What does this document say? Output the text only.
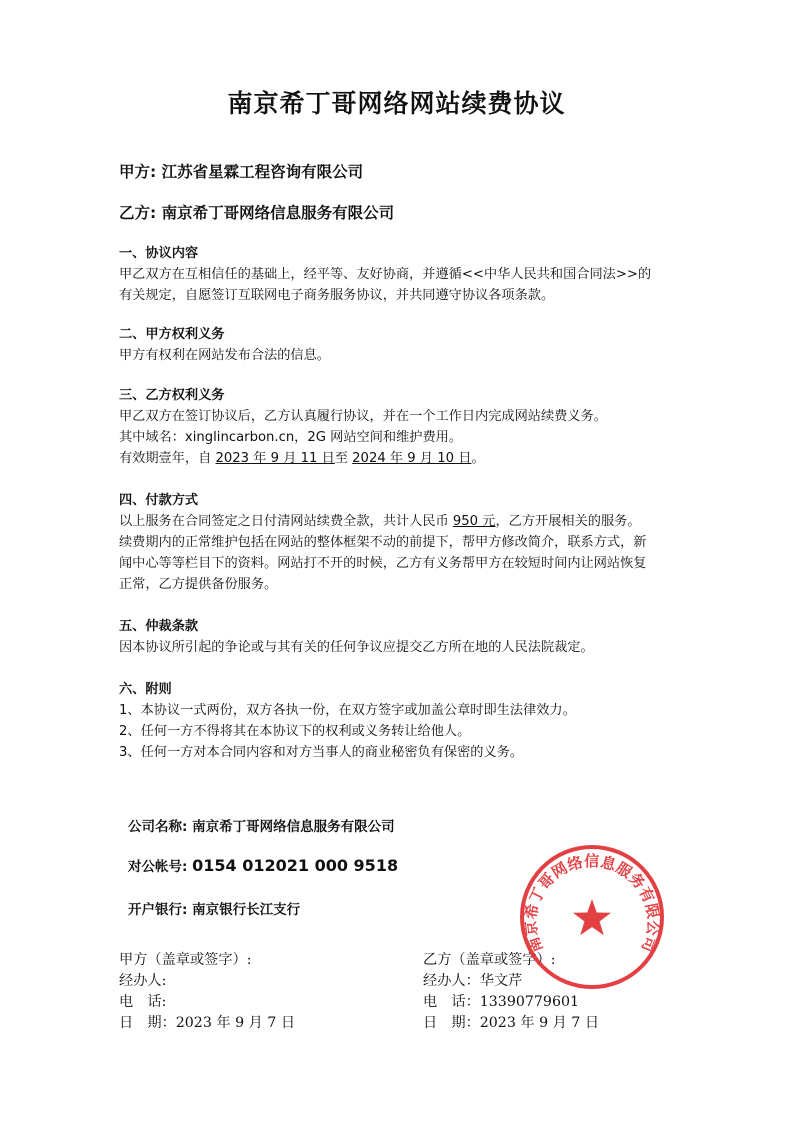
南京希丁哥网络网站续费协议
甲方: 江苏省星霖工程咨询有限公司
乙方: 南京希丁哥网络信息服务有限公司
一、协议内容
甲乙双方在互相信任的基础上，经平等、友好协商，并遵循<<中华人民共和国合同法>>的
有关规定，自愿签订互联网电子商务服务协议，并共同遵守协议各项条款。
二、甲方权利义务
甲方有权利在网站发布合法的信息。
三、乙方权利义务
甲乙双方在签订协议后，乙方认真履行协议，并在一个工作日内完成网站续费义务。
其中域名：xinglincarbon.cn，2G 网站空间和维护费用。
有效期壹年，自 2023 年 9 月 11 日至 2024 年 9 月 10 日。
四、付款方式
以上服务在合同签定之日付清网站续费全款，共计人民币 950 元，乙方开展相关的服务。
续费期内的正常维护包括在网站的整体框架不动的前提下，帮甲方修改简介，联系方式，新
闻中心等等栏目下的资料。网站打不开的时候，乙方有义务帮甲方在较短时间内让网站恢复
正常，乙方提供备份服务。
五、仲裁条款
因本协议所引起的争论或与其有关的任何争议应提交乙方所在地的人民法院裁定。
六、附则
1、本协议一式两份，双方各执一份，在双方签字或加盖公章时即生法律效力。
2、任何一方不得将其在本协议下的权利或义务转让给他人。
3、任何一方对本合同内容和对方当事人的商业秘密负有保密的义务。
公司名称: 南京希丁哥网络信息服务有限公司
对公帐号: 0154 012021 000 9518
开户银行: 南京银行长江支行
甲方（盖章或签字）:
经办人:
电　话:
日　期：2023 年 9 月 7 日
乙方（盖章或签字）:
经办人：华文芹
电　话：13390779601
日　期：2023 年 9 月 7 日
南京希丁哥网络信息服务有限公司
